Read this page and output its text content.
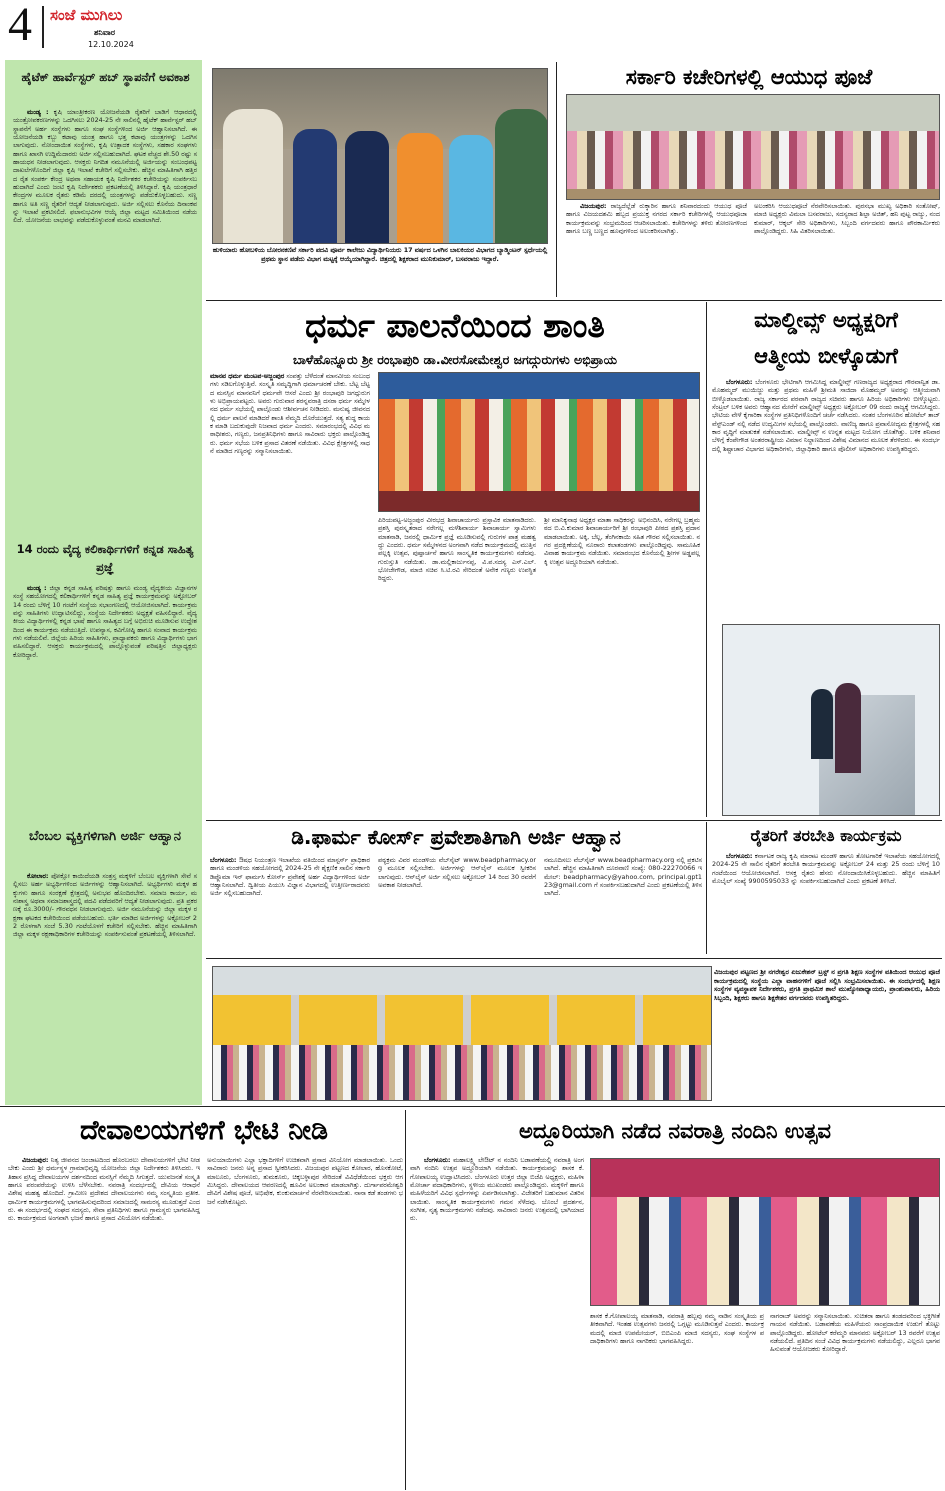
4 ಸಂಜೆ ಮುಗಿಲು
ಶನಿವಾರ
12.10.2024
ಹೈಟೆಕ್ ಹಾರ್ವೆಸ್ಟರ್ ಹಬ್ ಸ್ಥಾಪನೆಗೆ ಅವಕಾಶ
ಮಂಡ್ಯ : ಕೃಷಿ ಯಾಂತ್ರೀಕರಣ ಯೋಜನೆಯಡಿ ರೈತರಿಗೆ ಬಾಡಿಗೆ ಆಧಾರದಲ್ಲಿ ಯಂತ್ರೋಪಕರಣಗಳನ್ನು ಒದಗಿಸಲು 2024-25 ನೇ ಸಾಲಿನಲ್ಲಿ ಹೈಟೆಕ್ ಹಾರ್ವೆಸ್ಟರ್ ಹಬ್ ಸ್ಥಾಪನೆಗೆ ಅರ್ಹ ಸಂಸ್ಥೆಗಳು ಹಾಗೂ ಸಂಘ ಸಂಸ್ಥೆಗಳಿಂದ ಅರ್ಜಿ ಆಹ್ವಾನಿಸಲಾಗಿದೆ. ಈ ಯೋಜನೆಯಡಿ ಕಬ್ಬು ಕಟಾವು ಯಂತ್ರ ಹಾಗೂ ಭತ್ತ ಕಟಾವು ಯಂತ್ರಗಳನ್ನು ಒದಗಿಸಲಾಗುವುದು. ನೋಂದಾಯಿತ ಸಂಸ್ಥೆಗಳು, ಕೃಷಿ ಉತ್ಪಾದಕ ಸಂಸ್ಥೆಗಳು, ಸಹಕಾರ ಸಂಘಗಳು ಹಾಗೂ ಖಾಸಗಿ ಉದ್ದಿಮೆದಾರರು ಅರ್ಜಿ ಸಲ್ಲಿಸಬಹುದಾಗಿದೆ. ಘಟಕ ವೆಚ್ಚದ ಶೇ.50 ರಷ್ಟು ಸಹಾಯಧನ ನೀಡಲಾಗುವುದು. ಆಸಕ್ತರು ನಿಗದಿತ ನಮೂನೆಯಲ್ಲಿ ಅರ್ಜಿಯನ್ನು ಸಂಬಂಧಪಟ್ಟ ದಾಖಲೆಗಳೊಂದಿಗೆ ಜಿಲ್ಲಾ ಕೃಷಿ ಇಲಾಖೆ ಕಚೇರಿಗೆ ಸಲ್ಲಿಸಬೇಕು. ಹೆಚ್ಚಿನ ಮಾಹಿತಿಗಾಗಿ ಹತ್ತಿರದ ರೈತ ಸಂಪರ್ಕ ಕೇಂದ್ರ ಅಥವಾ ಸಹಾಯಕ ಕೃಷಿ ನಿರ್ದೇಶಕರ ಕಚೇರಿಯನ್ನು ಸಂಪರ್ಕಿಸಬಹುದಾಗಿದೆ ಎಂದು ಜಂಟಿ ಕೃಷಿ ನಿರ್ದೇಶಕರು ಪ್ರಕಟಣೆಯಲ್ಲಿ ತಿಳಿಸಿದ್ದಾರೆ. ಕೃಷಿ ಯಂತ್ರಧಾರೆ ಕೇಂದ್ರಗಳ ಮೂಲಕ ರೈತರು ಕಡಿಮೆ ದರದಲ್ಲಿ ಯಂತ್ರಗಳನ್ನು ಪಡೆದುಕೊಳ್ಳಬಹುದು. ಸಣ್ಣ ಹಾಗೂ ಅತಿ ಸಣ್ಣ ರೈತರಿಗೆ ಆದ್ಯತೆ ನೀಡಲಾಗುವುದು. ಅರ್ಜಿ ಸಲ್ಲಿಸಲು ಕೊನೆಯ ದಿನಾಂಕವನ್ನು ಇಲಾಖೆ ಪ್ರಕಟಿಸಲಿದೆ. ಫಲಾನುಭವಿಗಳ ಆಯ್ಕೆ ಜಿಲ್ಲಾ ಮಟ್ಟದ ಸಮಿತಿಯಿಂದ ನಡೆಯಲಿದೆ. ಯೋಜನೆಯ ಲಾಭವನ್ನು ಪಡೆದುಕೊಳ್ಳುವಂತೆ ಮನವಿ ಮಾಡಲಾಗಿದೆ.
14 ರಂದು ವೈದ್ಯ ಕಲಿಕಾರ್ಥಿಗಳಿಗೆ ಕನ್ನಡ ಸಾಹಿತ್ಯ ಪ್ರಜ್ಞೆ
ಮಂಡ್ಯ : ಜಿಲ್ಲಾ ಕನ್ನಡ ಸಾಹಿತ್ಯ ಪರಿಷತ್ತು ಹಾಗೂ ಮಂಡ್ಯ ವೈದ್ಯಕೀಯ ವಿಜ್ಞಾನಗಳ ಸಂಸ್ಥೆ ಸಹಯೋಗದಲ್ಲಿ ಕಲಿಕಾರ್ಥಿಗಳಿಗೆ ಕನ್ನಡ ಸಾಹಿತ್ಯ ಪ್ರಜ್ಞೆ ಕಾರ್ಯಕ್ರಮವನ್ನು ಅಕ್ಟೋಬರ್ 14 ರಂದು ಬೆಳಿಗ್ಗೆ 10 ಗಂಟೆಗೆ ಸಂಸ್ಥೆಯ ಸಭಾಂಗಣದಲ್ಲಿ ಆಯೋಜಿಸಲಾಗಿದೆ. ಕಾರ್ಯಕ್ರಮವನ್ನು ಸಾಹಿತಿಗಳು ಉದ್ಘಾಟಿಸಲಿದ್ದು, ಸಂಸ್ಥೆಯ ನಿರ್ದೇಶಕರು ಅಧ್ಯಕ್ಷತೆ ವಹಿಸಲಿದ್ದಾರೆ. ವೈದ್ಯಕೀಯ ವಿದ್ಯಾರ್ಥಿಗಳಲ್ಲಿ ಕನ್ನಡ ಭಾಷೆ ಹಾಗೂ ಸಾಹಿತ್ಯದ ಬಗ್ಗೆ ಅಭಿರುಚಿ ಮೂಡಿಸುವ ಉದ್ದೇಶದಿಂದ ಈ ಕಾರ್ಯಕ್ರಮ ನಡೆಯುತ್ತಿದೆ. ಉಪನ್ಯಾಸ, ಕವಿಗೋಷ್ಠಿ ಹಾಗೂ ಸಂವಾದ ಕಾರ್ಯಕ್ರಮಗಳು ನಡೆಯಲಿವೆ. ಜಿಲ್ಲೆಯ ಹಿರಿಯ ಸಾಹಿತಿಗಳು, ಪ್ರಾಧ್ಯಾಪಕರು ಹಾಗೂ ವಿದ್ಯಾರ್ಥಿಗಳು ಭಾಗವಹಿಸಲಿದ್ದಾರೆ. ಆಸಕ್ತರು ಕಾರ್ಯಕ್ರಮದಲ್ಲಿ ಪಾಲ್ಗೊಳ್ಳುವಂತೆ ಪರಿಷತ್ತಿನ ಜಿಲ್ಲಾಧ್ಯಕ್ಷರು ಕೋರಿದ್ದಾರೆ.
ಬೆಂಬಲ ವ್ಯಕ್ತಿಗಳಿಗಾಗಿ ಅರ್ಜಿ ಆಹ್ವಾನ
ಕೋಲಾರ: ಪೋಕ್ಸೋ ಕಾಯಿದೆಯಡಿ ಸಂತ್ರಸ್ತ ಮಕ್ಕಳಿಗೆ ಬೆಂಬಲ ವ್ಯಕ್ತಿಗಳಾಗಿ ಸೇವೆ ಸಲ್ಲಿಸಲು ಅರ್ಹ ಅಭ್ಯರ್ಥಿಗಳಿಂದ ಅರ್ಜಿಗಳನ್ನು ಆಹ್ವಾನಿಸಲಾಗಿದೆ. ಅಭ್ಯರ್ಥಿಗಳು ಮಕ್ಕಳ ಹಕ್ಕುಗಳು ಹಾಗೂ ಸಂರಕ್ಷಣೆ ಕ್ಷೇತ್ರದಲ್ಲಿ ಅನುಭವ ಹೊಂದಿರಬೇಕು. ಸಮಾಜ ಕಾರ್ಯ, ಮನಃಶಾಸ್ತ್ರ ಅಥವಾ ಸಮಾಜಶಾಸ್ತ್ರದಲ್ಲಿ ಪದವಿ ಪಡೆದವರಿಗೆ ಆದ್ಯತೆ ನೀಡಲಾಗುವುದು. ಪ್ರತಿ ಪ್ರಕರಣಕ್ಕೆ ರೂ.3000/- ಗೌರವಧನ ನೀಡಲಾಗುವುದು. ಅರ್ಜಿ ನಮೂನೆಯನ್ನು ಜಿಲ್ಲಾ ಮಕ್ಕಳ ರಕ್ಷಣಾ ಘಟಕದ ಕಚೇರಿಯಿಂದ ಪಡೆಯಬಹುದು. ಭರ್ತಿ ಮಾಡಿದ ಅರ್ಜಿಗಳನ್ನು ಅಕ್ಟೋಬರ್ 22 ರೊಳಗಾಗಿ ಸಂಜೆ 5.30 ಗಂಟೆಯೊಳಗೆ ಕಚೇರಿಗೆ ಸಲ್ಲಿಸಬೇಕು. ಹೆಚ್ಚಿನ ಮಾಹಿತಿಗಾಗಿ ಜಿಲ್ಲಾ ಮಕ್ಕಳ ರಕ್ಷಣಾಧಿಕಾರಿಗಳ ಕಚೇರಿಯನ್ನು ಸಂಪರ್ಕಿಸುವಂತೆ ಪ್ರಕಟಣೆಯಲ್ಲಿ ತಿಳಿಸಲಾಗಿದೆ.
ಹುಳಿಯಾರು ಹೋಬಳಿಯ ಬೋರನಕಣಿವೆ ಸರ್ಕಾರಿ ಪದವಿ ಪೂರ್ವ ಕಾಲೇಜು ವಿದ್ಯಾರ್ಥಿನಿಯರು 17 ವರ್ಷದ ಒಳಗಿನ ಬಾಲಕಿಯರ ವಿಭಾಗದ ಬ್ಯಾಡ್ಮಿಂಟನ್ ಸ್ಪರ್ಧೆಯಲ್ಲಿ ಪ್ರಥಮ ಸ್ಥಾನ ಪಡೆದು ವಿಭಾಗ ಮಟ್ಟಕ್ಕೆ ಆಯ್ಕೆಯಾಗಿದ್ದಾರೆ. ಚಿತ್ರದಲ್ಲಿ ಶಿಕ್ಷಕರಾದ ಮುನಿಕುಮಾರ್, ಬಸವರಾಜು ಇದ್ದಾರೆ.
ಸರ್ಕಾರಿ ಕಚೇರಿಗಳಲ್ಲಿ ಆಯುಧ ಪೂಜೆ
ವಿಜಯಪುರ: ರಾಜ್ಯದೆಲ್ಲೆಡೆ ರುಕ್ಕಾರಿನ ಹಾಗೂ ಶನಿವಾರದಂದು ಆಯುಧ ಪೂಜೆ ಹಾಗೂ ವಿಜಯದಶಮಿ ಹಬ್ಬದ ಪ್ರಯುಕ್ತ ನಗರದ ಸರ್ಕಾರಿ ಕಚೇರಿಗಳಲ್ಲಿ ಆಯುಧಪೂಜಾ ಕಾರ್ಯಕ್ರಮವನ್ನು ಸಂಭ್ರಮದಿಂದ ಆಚರಿಸಲಾಯಿತು. ಕಚೇರಿಗಳನ್ನು ತಳಿರು ತೋರಣಗಳಿಂದ ಹಾಗೂ ಬಣ್ಣ ಬಣ್ಣದ ಹೂವುಗಳಿಂದ ಅಲಂಕರಿಸಲಾಗಿತ್ತು.
ಅಲಂಕರಿಸಿ ಆಯುಧಪೂಜೆ ನೆರವೇರಿಸಲಾಯಿತು. ಪುರಸಭಾ ಮುಖ್ಯ ಅಧಿಕಾರಿ ಸಂತೋಷ್, ಮಾಜಿ ಅಧ್ಯಕ್ಷರು ವಿಮಲಾ ಬಸವರಾಜು, ಸದಸ್ಯರಾದ ಶಿಲ್ಪಾ ಅಜಿತ್, ಹನಿ ಪುಟ್ಟ ರಾಜ್ಯು, ನಂದಕುಮಾರ್, ಆಕ್ಕಲ್ ಸೇರಿ ಅಧಿಕಾರಿಗಳು, ಸಿಬ್ಬಂದಿ ವರ್ಗದವರು ಹಾಗೂ ಪೌರಕಾರ್ಮಿಕರು ಪಾಲ್ಗೊಂಡಿದ್ದರು. ಸಿಹಿ ವಿತರಿಸಲಾಯಿತು.
ಧರ್ಮ ಪಾಲನೆಯಿಂದ ಶಾಂತಿ
ಬಾಳೆಹೊನ್ನೂರು ಶ್ರೀ ರಂಭಾಪುರಿ ಡಾ.ವೀರಸೋಮೇಶ್ವರ ಜಗದ್ಗುರುಗಳು ಅಭಿಪ್ರಾಯ
ಮಾನವ ಧರ್ಮ ಮಂಟಪ-ಅಜ್ಜಂಪುರ ಸಂಪತ್ತು ಬೆಳೆದಂತೆ ಮಾನವೀಯ ಸಂಬಂಧಗಳು ಸಡಿಲಗೊಳ್ಳುತ್ತಿವೆ. ಸಂಸ್ಕೃತಿ ಸಮೃದ್ಧಿಗಾಗಿ ಧರ್ಮಾಚರಣೆ ಬೇಕು. ಬೆಟ್ಟ ಬೆಟ್ಟದ ಮನಸ್ಸಿನ ಮಾನವನಿಗೆ ಧರ್ಮವೇ ಆಸರೆ ಎಂದು ಶ್ರೀ ರಂಭಾಪುರಿ ಜಗದ್ಗುರುಗಳು ಅಭಿಪ್ರಾಯಪಟ್ಟರು. ಅವರು ಗುರುವಾರ ಶರನ್ನವರಾತ್ರಿ ದಸರಾ ಧರ್ಮ ಸಮ್ಮೇಳನದ ಧರ್ಮ ಸಭೆಯಲ್ಲಿ ಪಾಲ್ಗೊಂಡು ಆಶೀರ್ವಚನ ನೀಡಿದರು. ಮನುಷ್ಯ ಜೀವನದಲ್ಲಿ ಧರ್ಮ ಪಾಲನೆ ಮಾಡಿದರೆ ಶಾಂತಿ ನೆಮ್ಮದಿ ದೊರೆಯುತ್ತದೆ. ಸತ್ಯ ಶುದ್ಧ ಕಾಯಕ ಮಾಡಿ ಬದುಕುವುದೇ ನಿಜವಾದ ಧರ್ಮ ಎಂದರು. ಸಮಾರಂಭದಲ್ಲಿ ವಿವಿಧ ಮಠಾಧೀಶರು, ಗಣ್ಯರು, ಜನಪ್ರತಿನಿಧಿಗಳು ಹಾಗೂ ಸಾವಿರಾರು ಭಕ್ತರು ಪಾಲ್ಗೊಂಡಿದ್ದರು. ಧರ್ಮ ಸಭೆಯ ಬಳಿಕ ಪ್ರಸಾದ ವಿತರಣೆ ನಡೆಯಿತು. ವಿವಿಧ ಕ್ಷೇತ್ರಗಳಲ್ಲಿ ಸಾಧನೆ ಮಾಡಿದ ಗಣ್ಯರನ್ನು ಸನ್ಮಾನಿಸಲಾಯಿತು.
ಪಿರಿಯಪಟ್ಟ-ಅಜ್ಜಂಪುರ ವೀರಭದ್ರ ಶಿವಾಚಾರ್ಯರು ಪ್ರಸ್ತಾವಿಕ ಮಾತನಾಡಿದರು. ಪ್ರಶಸ್ತಿ ಪುರಸ್ಕೃತರಾದ ನರೇಗಲ್ಲ ಮಳೆಶಿವಾರ್ಯ ಶಿವಾಚಾರ್ಯ ಸ್ವಾಮಿಗಳು ಮಾತನಾಡಿ, ಜನರಲ್ಲಿ ಧಾರ್ಮಿಕ ಪ್ರಜ್ಞೆ ಮೂಡಿಸುವಲ್ಲಿ ಗುರುಗಳ ಪಾತ್ರ ಮಹತ್ವದ್ದು ಎಂದರು. ಧರ್ಮ ಸಮ್ಮೇಳನದ ಅಂಗವಾಗಿ ನಡೆದ ಕಾರ್ಯಕ್ರಮದಲ್ಲಿ ಮುತ್ತಿನ ಪಲ್ಲಕ್ಕಿ ಉತ್ಸವ, ಪುಷ್ಪಾರ್ಚನೆ ಹಾಗೂ ಸಾಂಸ್ಕೃತಿಕ ಕಾರ್ಯಕ್ರಮಗಳು ನಡೆದವು. ಗುರುಸ್ತುತಿ ನಡೆಯಿತು. ಡಾ.ಮಲ್ಲಿಕಾರ್ಜುನಪ್ಪ, ವಿ.ಪ.ಸದಸ್ಯ ಎಸ್.ಎಲ್.ಭೋಜೇಗೌಡ, ಮಾಜಿ ಸಚಿವ ಸಿ.ಟಿ.ರವಿ ಸೇರಿದಂತೆ ಅನೇಕ ಗಣ್ಯರು ಉಪಸ್ಥಿತರಿದ್ದರು.
ಶ್ರೀ ಮಾನಿಕ್ಯನಾಥ ಅಧ್ಯಕ್ಷರ ಮಾತಾ ಸಾಧಿಕರನ್ನು ಅಭಿನಂದಿಸಿ, ನರೇಗಲ್ಲ ಬ್ರಹ್ಮಮಠದ ಬಿ.ವಿ.ಕುಮಾರ ಶಿವಾಚಾರ್ಯರಿಗೆ ಶ್ರೀ ರಂಭಾಪುರಿ ಪೀಠದ ಪ್ರಶಸ್ತಿ ಪ್ರದಾನ ಮಾಡಲಾಯಿತು. ಅಕ್ಕಿ, ಬೆಲ್ಲ, ತೆಂಗಿನಕಾಯಿ ಸಹಿತ ಗೌರವ ಸಲ್ಲಿಸಲಾಯಿತು. ನಗರ ಪ್ರದಕ್ಷಿಣೆಯಲ್ಲಿ ನೂರಾರು ಕಲಾತಂಡಗಳು ಪಾಲ್ಗೊಂಡಿದ್ದವು. ಸಾಮೂಹಿಕ ವಿವಾಹ ಕಾರ್ಯಕ್ರಮ ನಡೆಯಿತು. ಸಮಾರಂಭದ ಕೊನೆಯಲ್ಲಿ ಶ್ರೀಗಳ ಅಡ್ಡಪಲ್ಲಕ್ಕಿ ಉತ್ಸವ ಅದ್ದೂರಿಯಾಗಿ ನಡೆಯಿತು.
ಮಾಲ್ಡೀವ್ಸ್ ಅಧ್ಯಕ್ಷರಿಗೆ
ಆತ್ಮೀಯ ಬೀಳ್ಕೊಡುಗೆ
ಬೆಂಗಳೂರು: ಬೆಂಗಳೂರು ಭೇಟಿಗಾಗಿ ಆಗಮಿಸಿದ್ದ ಮಾಲ್ಡೀವ್ಸ್ ಗಣರಾಜ್ಯದ ಅಧ್ಯಕ್ಷರಾದ ಗೌರವಾನ್ವಿತ ಡಾ. ಮೊಹಮ್ಮದ್ ಮುಯಿಜ್ಜು ಮತ್ತು ಪ್ರಥಮ ಮಹಿಳೆ ಶ್ರೀಮತಿ ಸಾಜಿದಾ ಮೊಹಮ್ಮದ್ ಅವರನ್ನು ಆತ್ಮೀಯವಾಗಿ ಬೀಳ್ಕೊಡಲಾಯಿತು. ರಾಜ್ಯ ಸರ್ಕಾರದ ಪರವಾಗಿ ರಾಜ್ಯದ ಸಚಿವರು ಹಾಗೂ ಹಿರಿಯ ಅಧಿಕಾರಿಗಳು ಬೀಳ್ಕೊಟ್ಟರು. ಸೆಂಟ್ರಲ್ ಬಳಿಕ ಅವರು ಆಹ್ವಾನದ ಮೇರೆಗೆ ಮಾಲ್ಡೀವ್ಸ್ ಅಧ್ಯಕ್ಷರು ಅಕ್ಟೋಬರ್ 09 ರಂದು ರಾಜ್ಯಕ್ಕೆ ಆಗಮಿಸಿದ್ದರು. ಭೇಟಿಯ ವೇಳೆ ಕೈಗಾರಿಕಾ ಸಂಸ್ಥೆಗಳ ಪ್ರತಿನಿಧಿಗಳೊಂದಿಗೆ ಚರ್ಚೆ ನಡೆಸಿದರು. ನಂತರ ಬೆಂಗಳೂರಿನ ಹೋಟೆಲ್ ತಾಜ್ ವೆಸ್ಟ್ಎಂಡ್ ನಲ್ಲಿ ನಡೆದ ಉದ್ಯಮಿಗಳ ಸಭೆಯಲ್ಲಿ ಪಾಲ್ಗೊಂಡರು. ವಾಣಿಜ್ಯ ಹಾಗೂ ಪ್ರವಾಸೋದ್ಯಮ ಕ್ಷೇತ್ರಗಳಲ್ಲಿ ಸಹಕಾರ ವೃದ್ಧಿಗೆ ಮಾತುಕತೆ ನಡೆಸಲಾಯಿತು. ಮಾಲ್ಡೀವ್ಸ್ ನ ಉನ್ನತ ಮಟ್ಟದ ನಿಯೋಗ ಜೊತೆಗಿತ್ತು. ಬಳಿಕ ಶನಿವಾರ ಬೆಳಿಗ್ಗೆ ಕೆಂಪೇಗೌಡ ಅಂತರರಾಷ್ಟ್ರೀಯ ವಿಮಾನ ನಿಲ್ದಾಣದಿಂದ ವಿಶೇಷ ವಿಮಾನದ ಮೂಲಕ ತೆರಳಿದರು. ಈ ಸಂದರ್ಭದಲ್ಲಿ ಶಿಷ್ಟಾಚಾರ ವಿಭಾಗದ ಅಧಿಕಾರಿಗಳು, ಜಿಲ್ಲಾಧಿಕಾರಿ ಹಾಗೂ ಪೊಲೀಸ್ ಅಧಿಕಾರಿಗಳು ಉಪಸ್ಥಿತರಿದ್ದರು.
ಡಿ.ಫಾರ್ಮ ಕೋರ್ಸ್ ಪ್ರವೇಶಾತಿಗಾಗಿ ಅರ್ಜಿ ಆಹ್ವಾನ
ಬೆಂಗಳೂರು: ಔಷಧ ನಿಯಂತ್ರಣ ಇಲಾಖೆಯ ವತಿಯಿಂದ ಮಾಸ್ಟರ್ಸ್ ಪ್ರಾಧಿಕಾರ ಹಾಗೂ ಮಂಡಳಿಯ ಸಹಯೋಗದಲ್ಲಿ 2024-25 ನೇ ಶೈಕ್ಷಣಿಕ ಸಾಲಿನ ಸರ್ಕಾರಿ ಡಿಪ್ಲೊಮಾ ಇನ್ ಫಾರ್ಮಸಿ ಕೋರ್ಸ್ ಪ್ರವೇಶಕ್ಕೆ ಅರ್ಹ ವಿದ್ಯಾರ್ಥಿಗಳಿಂದ ಅರ್ಜಿ ಆಹ್ವಾನಿಸಲಾಗಿದೆ. ದ್ವಿತೀಯ ಪಿಯುಸಿ ವಿಜ್ಞಾನ ವಿಭಾಗದಲ್ಲಿ ಉತ್ತೀರ್ಣರಾದವರು ಅರ್ಜಿ ಸಲ್ಲಿಸಬಹುದಾಗಿದೆ.
ಪಠ್ಯಕ್ರಮ ವಿವರ ಮಂಡಳಿಯ ವೆಬ್‌ಸೈಟ್ www.beadpharmacy.org ಮೂಲಕ ಸಲ್ಲಿಸಬೇಕು. ಅರ್ಜಿಗಳನ್ನು ಆನ್‌ಲೈನ್ ಮೂಲಕ ಸ್ವೀಕರಿಸಲಾಗುವುದು. ಆನ್‌ಲೈನ್ ಅರ್ಜಿ ಸಲ್ಲಿಸಲು ಅಕ್ಟೋಬರ್ 14 ರಿಂದ 30 ರವರೆಗೆ ಅವಕಾಶ ನೀಡಲಾಗಿದೆ.
ನಮೂದಿಸಲು ವೆಬ್‌ಸೈಟ್ www.beadpharmacy.org ನಲ್ಲಿ ಪ್ರಕಟಿಸಲಾಗಿದೆ. ಹೆಚ್ಚಿನ ಮಾಹಿತಿಗಾಗಿ ದೂರವಾಣಿ ಸಂಖ್ಯೆ: 080-22270066 ಇಮೇಲ್: beadpharmacy@yahoo.com, principal.gpt123@gmail.com ಗೆ ಸಂಪರ್ಕಿಸಬಹುದಾಗಿದೆ ಎಂದು ಪ್ರಕಟಣೆಯಲ್ಲಿ ತಿಳಿಸಲಾಗಿದೆ.
ರೈತರಿಗೆ ತರಬೇತಿ ಕಾರ್ಯಕ್ರಮ
ಬೆಂಗಳೂರು: ಕರ್ನಾಟಕ ರಾಜ್ಯ ಕೃಷಿ ಮಾರಾಟ ಮಂಡಳಿ ಹಾಗೂ ತೋಟಗಾರಿಕೆ ಇಲಾಖೆಯ ಸಹಯೋಗದಲ್ಲಿ 2024-25 ನೇ ಸಾಲಿನ ರೈತರಿಗೆ ತರಬೇತಿ ಕಾರ್ಯಕ್ರಮವನ್ನು ಅಕ್ಟೋಬರ್ 24 ಮತ್ತು 25 ರಂದು ಬೆಳಿಗ್ಗೆ 10 ಗಂಟೆಯಿಂದ ಆಯೋಜಿಸಲಾಗಿದೆ. ಆಸಕ್ತ ರೈತರು ಹೆಸರು ನೋಂದಾಯಿಸಿಕೊಳ್ಳಬಹುದು. ಹೆಚ್ಚಿನ ಮಾಹಿತಿಗೆ ಮೊಬೈಲ್ ಸಂಖ್ಯೆ 9900595033 ನ್ನು ಸಂಪರ್ಕಿಸಬಹುದಾಗಿದೆ ಎಂದು ಪ್ರಕಟಣೆ ತಿಳಿಸಿದೆ.
ವಿಜಯಪುರ ಪಟ್ಟಣದ ಶ್ರೀ ನಗರೇಶ್ವರ ಏಜುಕೇಶನ್ ಟ್ರಸ್ಟ್ ನ ಪ್ರಗತಿ ಶಿಕ್ಷಣ ಸಂಸ್ಥೆಗಳ ವತಿಯಿಂದ ಆಯುಧ ಪೂಜೆ ಕಾರ್ಯಕ್ರಮದಲ್ಲಿ ಸಂಸ್ಥೆಯ ಎಲ್ಲಾ ವಾಹನಗಳಿಗೆ ಪೂಜೆ ಸಲ್ಲಿಸಿ ಸಂಭ್ರಮಿಸಲಾಯಿತು. ಈ ಸಂದರ್ಭದಲ್ಲಿ ಶಿಕ್ಷಣ ಸಂಸ್ಥೆಗಳ ವ್ಯವಸ್ಥಾಪಕ ನಿರ್ದೇಶಕರು, ಪ್ರಗತಿ ಪ್ರಾಥಮಿಕ ಶಾಲೆ ಮುಖ್ಯೋಪಾಧ್ಯಾಯರು, ಪ್ರಾಂಶುಪಾಲರು, ಹಿರಿಯ ಸಿಬ್ಬಂದಿ, ಶಿಕ್ಷಕರು ಹಾಗೂ ಶಿಕ್ಷಕೇತರ ವರ್ಗದವರು ಉಪಸ್ಥಿತರಿದ್ದರು.
ದೇವಾಲಯಗಳಿಗೆ ಭೇಟಿ ನೀಡಿ
ವಿಜಯಪುರ: ನಿತ್ಯ ಜೀವನದ ಜಂಜಾಟದಿಂದ ಹೊರಬರಲು ದೇವಾಲಯಗಳಿಗೆ ಭೇಟಿ ನೀಡಬೇಕು ಎಂದು ಶ್ರೀ ಧರ್ಮಸ್ಥಳ ಗ್ರಾಮಾಭಿವೃದ್ಧಿ ಯೋಜನೆಯ ಜಿಲ್ಲಾ ನಿರ್ದೇಶಕರು ತಿಳಿಸಿದರು. ಇತಿಹಾಸ ಪ್ರಸಿದ್ಧ ದೇವಾಲಯಗಳ ದರ್ಶನದಿಂದ ಮನಸ್ಸಿಗೆ ನೆಮ್ಮದಿ ಸಿಗುತ್ತದೆ. ಯುವಜನತೆ ಸಂಸ್ಕೃತಿ ಹಾಗೂ ಪರಂಪರೆಯನ್ನು ಉಳಿಸಿ ಬೆಳೆಸಬೇಕು. ನವರಾತ್ರಿ ಸಂದರ್ಭದಲ್ಲಿ ದೇವಿಯ ಆರಾಧನೆ ವಿಶೇಷ ಮಹತ್ವ ಹೊಂದಿದೆ. ಗ್ರಾಮೀಣ ಪ್ರದೇಶದ ದೇವಾಲಯಗಳು ನಮ್ಮ ಸಂಸ್ಕೃತಿಯ ಪ್ರತೀಕ. ಧಾರ್ಮಿಕ ಕಾರ್ಯಕ್ರಮಗಳಲ್ಲಿ ಭಾಗವಹಿಸುವುದರಿಂದ ಸಮಾಜದಲ್ಲಿ ಸಾಮರಸ್ಯ ಮೂಡುತ್ತದೆ ಎಂದರು. ಈ ಸಂದರ್ಭದಲ್ಲಿ ಸಂಘದ ಸದಸ್ಯರು, ಸೇವಾ ಪ್ರತಿನಿಧಿಗಳು ಹಾಗೂ ಗ್ರಾಮಸ್ಥರು ಭಾಗವಹಿಸಿದ್ದರು. ಕಾರ್ಯಕ್ರಮದ ಅಂಗವಾಗಿ ಭಜನೆ ಹಾಗೂ ಪ್ರಸಾದ ವಿನಿಯೋಗ ನಡೆಯಿತು.
ಅನುಯಾಯಿಗಳು ಎಲ್ಲಾ ಭಕ್ತಾದಿಗಳಿಗೆ ಉಚಿತವಾಗಿ ಪ್ರಸಾದ ವಿನಿಯೋಗ ಮಾಡಲಾಯಿತು. ಒಂದು ಸಾವಿರಾರು ಜನರು ಅನ್ನ ಪ್ರಸಾದ ಸ್ವೀಕರಿಸಿದರು. ವಿಜಯಪುರ ಪಟ್ಟಣದ ಕೋಲಾರ, ಹೊಸಕೋಟೆ, ಮಾಲೂರು, ಬೆಂಗಳೂರು, ತುಮಕೂರು, ಚಿಕ್ಕಬಳ್ಳಾಪುರ ಸೇರಿದಂತೆ ವಿವಿಧೆಡೆಯಿಂದ ಭಕ್ತರು ಆಗಮಿಸಿದ್ದರು. ದೇವಾಲಯದ ಆವರಣದಲ್ಲಿ ಹೂವಿನ ಅಲಂಕಾರ ಮಾಡಲಾಗಿತ್ತು. ದುರ್ಗಾಪರಮೇಶ್ವರಿ ದೇವಿಗೆ ವಿಶೇಷ ಪೂಜೆ, ಅಭಿಷೇಕ, ಕುಂಕುಮಾರ್ಚನೆ ನೆರವೇರಿಸಲಾಯಿತು. ನಾನಾ ಕಡೆ ತಂಡಗಳು ಭಜನೆ ನಡೆಸಿಕೊಟ್ಟರು.
ಅದ್ದೂರಿಯಾಗಿ ನಡೆದ ನವರಾತ್ರಿ ನಂದಿನಿ ಉತ್ಸವ
ಬೆಂಗಳೂರು: ಮಹಾಲಕ್ಷ್ಮಿ ಲೇಔಟ್ ನ ನಂದಿನಿ ಬಡಾವಣೆಯಲ್ಲಿ ನವರಾತ್ರಿ ಅಂಗವಾಗಿ ನಂದಿನಿ ಉತ್ಸವ ಅದ್ದೂರಿಯಾಗಿ ನಡೆಯಿತು. ಕಾರ್ಯಕ್ರಮವನ್ನು ಶಾಸಕ ಕೆ.ಗೋಪಾಲಯ್ಯ ಉದ್ಘಾಟಿಸಿದರು. ಬೆಂಗಳೂರು ಉತ್ತರ ಜಿಲ್ಲಾ ಬಿಜೆಪಿ ಅಧ್ಯಕ್ಷರು, ಮಹಿಳಾ ಮೋರ್ಚಾ ಪದಾಧಿಕಾರಿಗಳು, ಸ್ಥಳೀಯ ಮುಖಂಡರು ಪಾಲ್ಗೊಂಡಿದ್ದರು. ಮಕ್ಕಳಿಗೆ ಹಾಗೂ ಮಹಿಳೆಯರಿಗೆ ವಿವಿಧ ಸ್ಪರ್ಧೆಗಳನ್ನು ಏರ್ಪಡಿಸಲಾಗಿತ್ತು. ವಿಜೇತರಿಗೆ ಬಹುಮಾನ ವಿತರಿಸಲಾಯಿತು. ಸಾಂಸ್ಕೃತಿಕ ಕಾರ್ಯಕ್ರಮಗಳು ಗಮನ ಸೆಳೆದವು. ಬೊಂಬೆ ಪ್ರದರ್ಶನ, ಸಂಗೀತ, ನೃತ್ಯ ಕಾರ್ಯಕ್ರಮಗಳು ನಡೆದವು. ಸಾವಿರಾರು ಜನರು ಉತ್ಸವದಲ್ಲಿ ಭಾಗಿಯಾದರು.
ಶಾಸಕ ಕೆ.ಗೋಪಾಲಯ್ಯ ಮಾತನಾಡಿ, ನವರಾತ್ರಿ ಹಬ್ಬವು ನಮ್ಮ ನಾಡಿನ ಸಂಸ್ಕೃತಿಯ ಪ್ರತೀಕವಾಗಿದೆ. ಇಂತಹ ಉತ್ಸವಗಳು ಜನರಲ್ಲಿ ಒಗ್ಗಟ್ಟು ಮೂಡಿಸುತ್ತವೆ ಎಂದರು. ಕಾರ್ಯಕ್ರಮದಲ್ಲಿ ಮಾಜಿ ಉಪಮೇಯರ್, ಬಿಬಿಎಂಪಿ ಮಾಜಿ ಸದಸ್ಯರು, ಸಂಘ ಸಂಸ್ಥೆಗಳ ಪದಾಧಿಕಾರಿಗಳು ಹಾಗೂ ನಾಗರಿಕರು ಭಾಗವಹಿಸಿದ್ದರು.
ನಾಗರಾಜ್ ಅವರನ್ನು ಸನ್ಮಾನಿಸಲಾಯಿತು. ಸುಚಿತರಾ ಹಾಗೂ ತಂಡದವರಿಂದ ಭಕ್ತಿಗೀತೆ ಗಾಯನ ನಡೆಯಿತು. ಬಡಾವಣೆಯ ಮಹಿಳೆಯರು ಸಾಂಪ್ರದಾಯಿಕ ಉಡುಗೆ ತೊಟ್ಟು ಪಾಲ್ಗೊಂಡಿದ್ದರು. ಹೋಟೆಲ್ ಕರೆಮ್ಮರಿ ಮಾನವರು ಅಕ್ಟೋಬರ್ 13 ರವರೆಗೆ ಉತ್ಸವ ನಡೆಯಲಿದೆ. ಪ್ರತಿದಿನ ಸಂಜೆ ವಿವಿಧ ಕಾರ್ಯಕ್ರಮಗಳು ನಡೆಯಲಿದ್ದು, ಎಲ್ಲರೂ ಭಾಗವಹಿಸುವಂತೆ ಆಯೋಜಕರು ಕೋರಿದ್ದಾರೆ.
